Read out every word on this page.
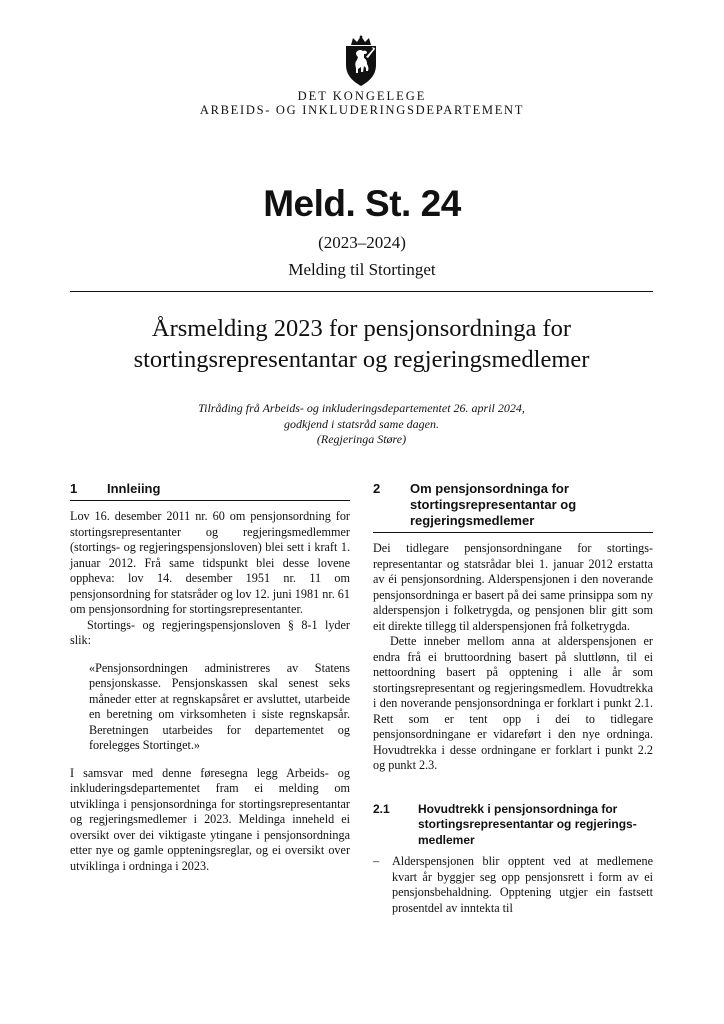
DET KONGELEGE
ARBEIDS- OG INKLUDERINGSDEPARTEMENT
Meld. St. 24
(2023–2024)
Melding til Stortinget
Årsmelding 2023 for pensjonsordninga for
stortingsrepresentantar og regjeringsmedlemer
Tilråding frå Arbeids- og inkluderingsdepartementet 26. april 2024,
godkjend i statsråd same dagen.
(Regjeringa Støre)
1 Innleiing

Lov 16. desember 2011 nr. 60 om pensjonsordning for stortingsrepresentanter og regjeringsmedlemmer (stortings- og regjeringspensjonsloven) blei sett i kraft 1. januar 2012. Frå same tidspunkt blei desse lovene oppheva: lov 14. desember 1951 nr. 11 om pensjonsordning for statsråder og lov 12. juni 1981 nr. 61 om pensjonsordning for stortingsrepresentanter.

Stortings- og regjeringspensjonsloven § 8-1 lyder slik:

«Pensjonsordningen administreres av Statens pensjonskasse. Pensjonskassen skal senest seks måneder etter at regnskapsåret er avsluttet, utarbeide en beretning om virksomheten i siste regnskapsår. Beretningen utarbeides for departementet og forelegges Stortinget.»

I samsvar med denne føresegna legg Arbeids- og inkluderingsdepartementet fram ei melding om utviklinga i pensjonsordninga for stortingsrepresentantar og regjeringsmedlemer i 2023. Meldinga inneheld ei oversikt over dei viktigaste ytingane i pensjonsordninga etter nye og gamle oppteningsreglar, og ei oversikt over utviklinga i ordninga i 2023.

2 Om pensjonsordninga for stortingsrepresentantar og regjeringsmedlemer

Dei tidlegare pensjonsordningane for stortingsrepresentantar og statsrådar blei 1. januar 2012 erstatta av éi pensjonsordning. Alderspensjonen i den noverande pensjonsordninga er basert på dei same prinsippa som ny alderspensjon i folketrygda, og pensjonen blir gitt som eit direkte tillegg til alderspensjonen frå folketrygda.

Dette inneber mellom anna at alderspensjonen er endra frå ei bruttoordning basert på sluttlønn, til ei nettoordning basert på opptening i alle år som stortingsrepresentant og regjeringsmedlem. Hovudtrekka i den noverande pensjonsordninga er forklart i punkt 2.1. Rett som er tent opp i dei to tidlegare pensjonsordningane er vidareført i den nye ordninga. Hovudtrekka i desse ordningane er forklart i punkt 2.2 og punkt 2.3.

2.1 Hovudtrekk i pensjonsordninga for stortingsrepresentantar og regjeringsmedlemer
– Alderspensjonen blir opptent ved at medlemene kvart år byggjer seg opp pensjonsrett i form av ei pensjonsbehaldning. Opptening utgjer ein fastsett prosentdel av inntekta til
